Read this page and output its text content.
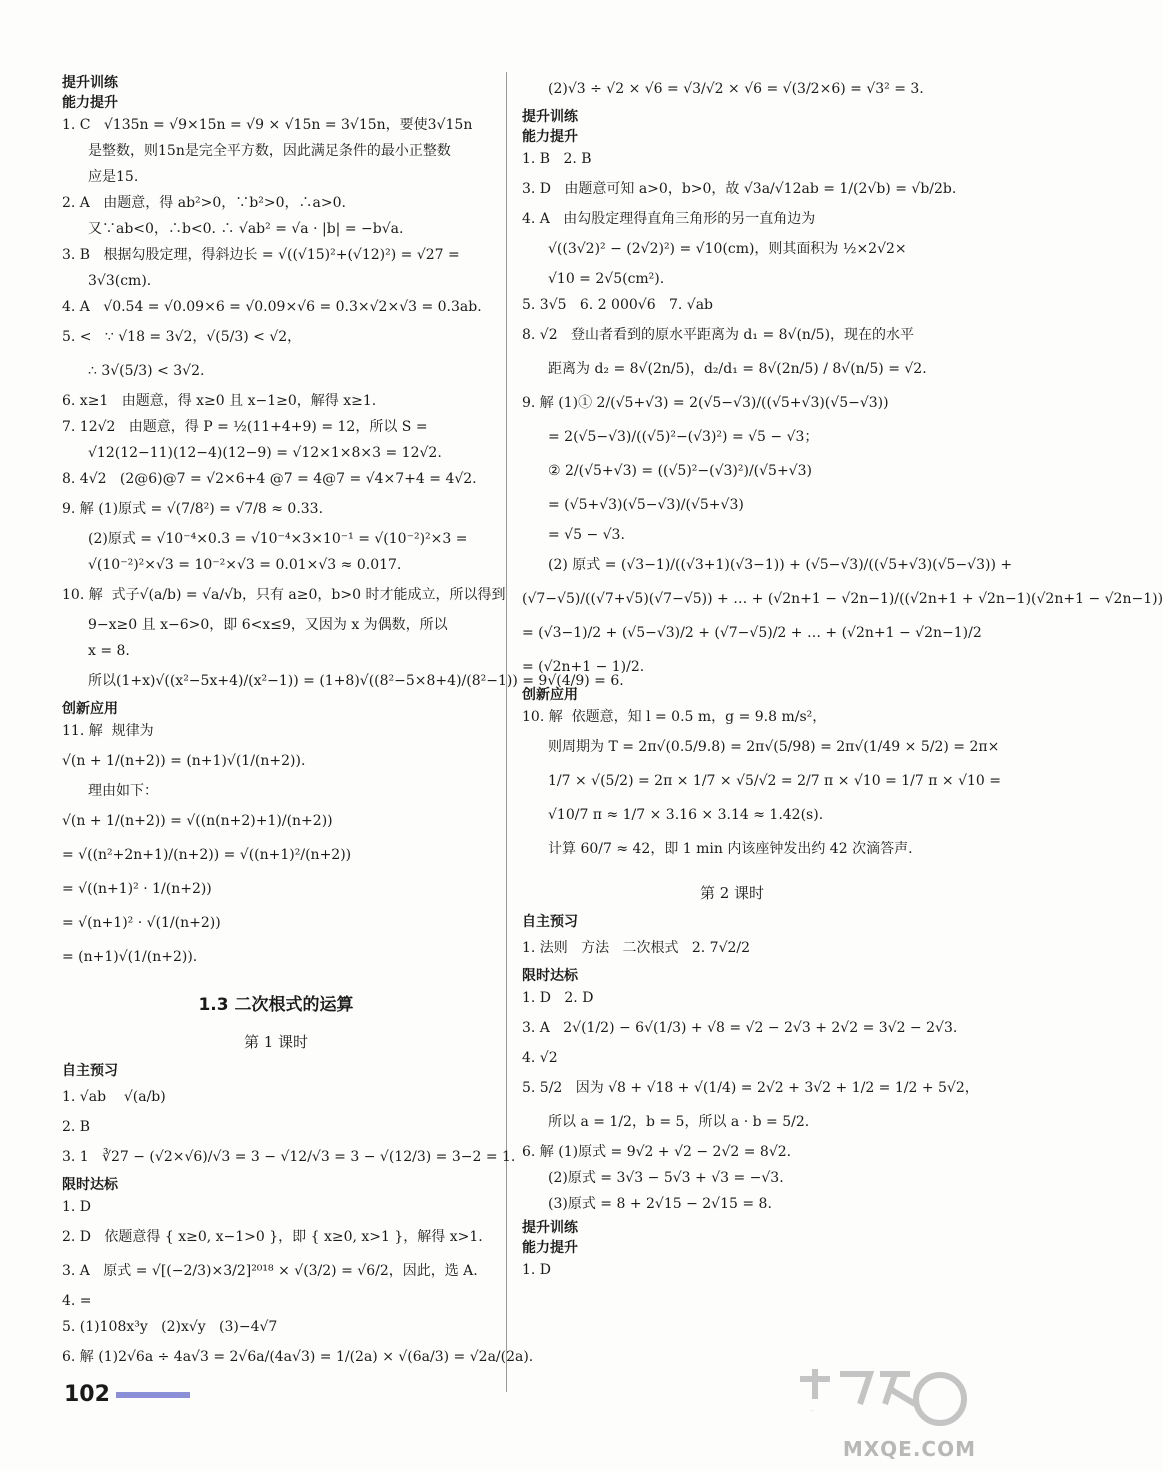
提升训练
能力提升
1. C   √135n = √9×15n = √9 × √15n = 3√15n，要使3√15n
是整数，则15n是完全平方数，因此满足条件的最小正整数
应是15.
2. A   由题意，得 ab²>0，∵b²>0，∴a>0.
又∵ab<0，∴b<0. ∴ √ab² = √a · |b| = −b√a.
3. B   根据勾股定理，得斜边长 = √((√15)²+(√12)²) = √27 =
3√3(cm).
4. A   √0.54 = √0.09×6 = √0.09×√6 = 0.3×√2×√3 = 0.3ab.
5. <   ∵ √18 = 3√2，√(5/3) < √2，
∴ 3√(5/3) < 3√2.
6. x≥1   由题意，得 x≥0 且 x−1≥0，解得 x≥1.
7. 12√2   由题意，得 P = ½(11+4+9) = 12，所以 S =
√12(12−11)(12−4)(12−9) = √12×1×8×3 = 12√2.
8. 4√2   (2@6)@7 = √2×6+4 @7 = 4@7 = √4×7+4 = 4√2.
9. 解 (1)原式 = √(7/8²) = √7/8 ≈ 0.33.
(2)原式 = √10⁻⁴×0.3 = √10⁻⁴×3×10⁻¹ = √(10⁻²)²×3 =
√(10⁻²)²×√3 = 10⁻²×√3 = 0.01×√3 ≈ 0.017.
10. 解  式子√(a/b) = √a/√b，只有 a≥0，b>0 时才能成立，所以得到
9−x≥0 且 x−6>0，即 6<x≤9，又因为 x 为偶数，所以
x = 8.
所以(1+x)√((x²−5x+4)/(x²−1)) = (1+8)√((8²−5×8+4)/(8²−1)) = 9√(4/9) = 6.
创新应用
11. 解  规律为
√(n + 1/(n+2)) = (n+1)√(1/(n+2)).
理由如下：
√(n + 1/(n+2)) = √((n(n+2)+1)/(n+2))
= √((n²+2n+1)/(n+2)) = √((n+1)²/(n+2))
= √((n+1)² · 1/(n+2))
= √(n+1)² · √(1/(n+2))
= (n+1)√(1/(n+2)).
1.3 二次根式的运算
第 1 课时
自主预习
1. √ab    √(a/b)
2. B
3. 1   ∛27 − (√2×√6)/√3 = 3 − √12/√3 = 3 − √(12/3) = 3−2 = 1.
限时达标
1. D
2. D   依题意得 { x≥0, x−1>0 }，即 { x≥0, x>1 }，解得 x>1.
3. A   原式 = √[(−2/3)×3/2]²⁰¹⁸ × √(3/2) = √6/2，因此，选 A.
4. =
5. (1)108x³y   (2)x√y   (3)−4√7
6. 解 (1)2√6a ÷ 4a√3 = 2√6a/(4a√3) = 1/(2a) × √(6a/3) = √2a/(2a).
(2)√3 ÷ √2 × √6 = √3/√2 × √6 = √(3/2×6) = √3² = 3.
提升训练
能力提升
1. B   2. B
3. D   由题意可知 a>0，b>0，故 √3a/√12ab = 1/(2√b) = √b/2b.
4. A   由勾股定理得直角三角形的另一直角边为
√((3√2)² − (2√2)²) = √10(cm)，则其面积为 ½×2√2×
√10 = 2√5(cm²).
5. 3√5   6. 2 000√6   7. √ab
8. √2   登山者看到的原水平距离为 d₁ = 8√(n/5)，现在的水平
距离为 d₂ = 8√(2n/5)，d₂/d₁ = 8√(2n/5) / 8√(n/5) = √2.
9. 解 (1)① 2/(√5+√3) = 2(√5−√3)/((√5+√3)(√5−√3))
= 2(√5−√3)/((√5)²−(√3)²) = √5 − √3；
② 2/(√5+√3) = ((√5)²−(√3)²)/(√5+√3)
= (√5+√3)(√5−√3)/(√5+√3)
= √5 − √3.
(2) 原式 = (√3−1)/((√3+1)(√3−1)) + (√5−√3)/((√5+√3)(√5−√3)) +
(√7−√5)/((√7+√5)(√7−√5)) + … + (√2n+1 − √2n−1)/((√2n+1 + √2n−1)(√2n+1 − √2n−1))
= (√3−1)/2 + (√5−√3)/2 + (√7−√5)/2 + … + (√2n+1 − √2n−1)/2
= (√2n+1 − 1)/2.
创新应用
10. 解  依题意，知 l = 0.5 m，g = 9.8 m/s²，
则周期为 T = 2π√(0.5/9.8) = 2π√(5/98) = 2π√(1/49 × 5/2) = 2π×
1/7 × √(5/2) = 2π × 1/7 × √5/√2 = 2/7 π × √10 = 1/7 π × √10 =
√10/7 π ≈ 1/7 × 3.16 × 3.14 ≈ 1.42(s).
计算 60/7 ≈ 42，即 1 min 内该座钟发出约 42 次滴答声.
第 2 课时
自主预习
1. 法则   方法   二次根式   2. 7√2/2
限时达标
1. D   2. D
3. A   2√(1/2) − 6√(1/3) + √8 = √2 − 2√3 + 2√2 = 3√2 − 2√3.
4. √2
5. 5/2   因为 √8 + √18 + √(1/4) = 2√2 + 3√2 + 1/2 = 1/2 + 5√2，
所以 a = 1/2，b = 5，所以 a · b = 5/2.
6. 解 (1)原式 = 9√2 + √2 − 2√2 = 8√2.
(2)原式 = 3√3 − 5√3 + √3 = −√3.
(3)原式 = 8 + 2√15 − 2√15 = 8.
提升训练
能力提升
1. D
102
答案圈
MXQE.COM
